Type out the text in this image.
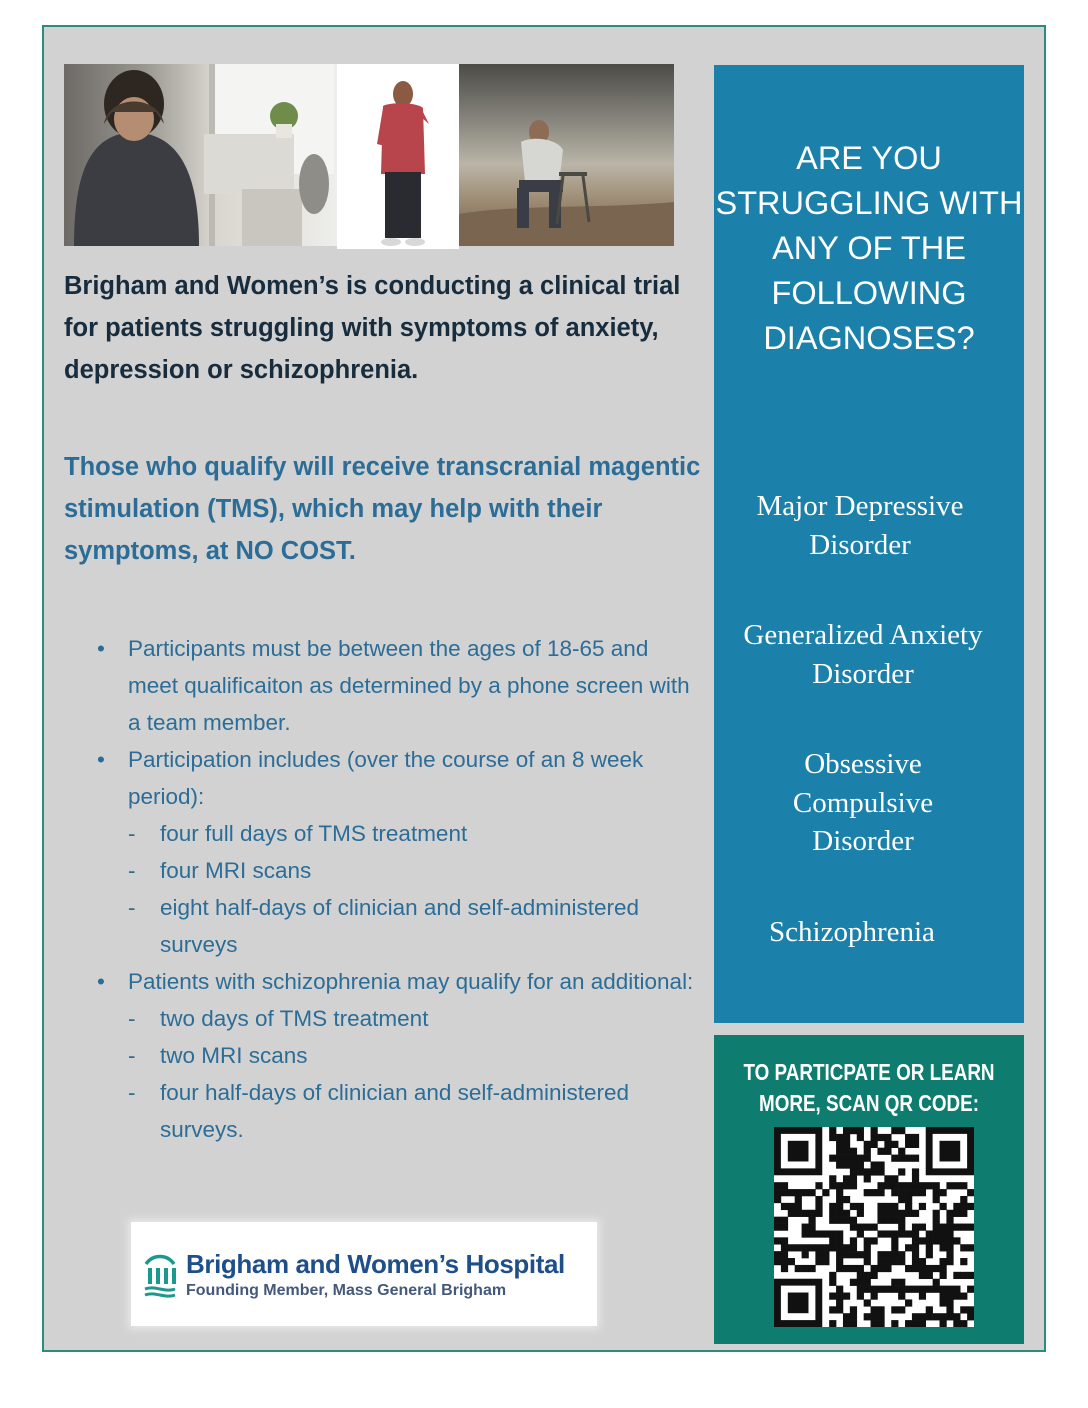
Brigham and Women’s is conducting a clinical trial for patients struggling with symptoms of anxiety, depression or schizophrenia.

Those who qualify will receive transcranial magentic stimulation (TMS), which may help with their symptoms, at NO COST.

• Participants must be between the ages of 18-65 and meet qualificaiton as determined by a phone screen with a team member.
• Participation includes (over the course of an 8 week period):
- four full days of TMS treatment
- four MRI scans
- eight half-days of clinician and self-administered surveys
• Patients with schizophrenia may qualify for an additional:
- two days of TMS treatment
- two MRI scans
- four half-days of clinician and self-administered surveys.
Brigham and Women’s Hospital
Founding Member, Mass General Brigham

ARE YOU STRUGGLING WITH ANY OF THE FOLLOWING DIAGNOSES?

Major Depressive Disorder

Generalized Anxiety Disorder

Obsessive Compulsive Disorder

Schizophrenia

TO PARTICPATE OR LEARN MORE, SCAN QR CODE:
